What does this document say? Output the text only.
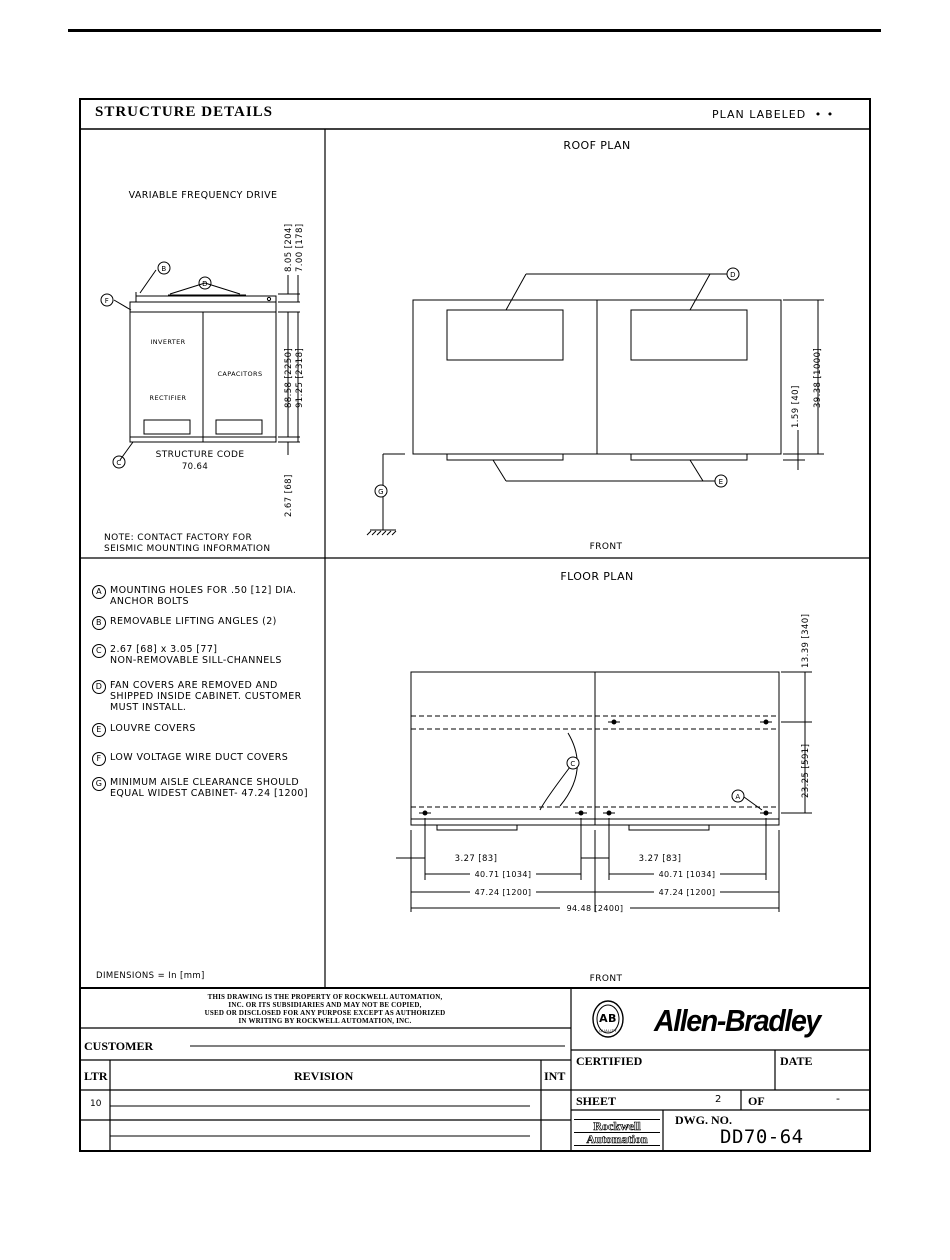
VARIABLE FREQUENCY DRIVE
INVERTER
CAPACITORS
RECTIFIER
STRUCTURE CODE
70.64
8.05 [204] 7.00 [178]
88.58 [2250] 91.25 [2318]
2.67 [68]
B
D
F
C
NOTE: CONTACT FACTORY FOR
SEISMIC MOUNTING INFORMATION
ROOF PLAN
FRONT
1.59 [40] 39.38 [1000]
D
E
G
FLOOR PLAN
FRONT
13.39 [340]
23.25 [591]
3.27 [83]	3.27 [83]
40.71 [1034]	40.71 [1034]
47.24 [1200]	47.24 [1200]
94.48 [2400]
C
A
DIMENSIONS = In [mm]
AB
QUALITY
STRUCTURE DETAILS	PLAN LABELED • •

A MOUNTING HOLES FOR .50 [12] DIA.
ANCHOR BOLTS

B REMOVABLE LIFTING ANGLES (2)

C 2.67 [68] x 3.05 [77]
NON-REMOVABLE SILL-CHANNELS

D FAN COVERS ARE REMOVED AND
SHIPPED INSIDE CABINET. CUSTOMER
MUST INSTALL.

E LOUVRE COVERS

F LOW VOLTAGE WIRE DUCT COVERS

G MINIMUM AISLE CLEARANCE SHOULD
EQUAL WIDEST CABINET- 47.24 [1200]

THIS DRAWING IS THE PROPERTY OF ROCKWELL AUTOMATION,
INC. OR ITS SUBSIDIARIES AND MAY NOT BE COPIED,
USED OR DISCLOSED FOR ANY PURPOSE EXCEPT AS AUTHORIZED
IN WRITING BY ROCKWELL AUTOMATION, INC.
CUSTOMER
LTR	REVISION	INT
10
Allen-Bradley
CERTIFIED	DATE
SHEET	2 OF	-
Rockwell
Automation
DWG. NO.
DD70-64
